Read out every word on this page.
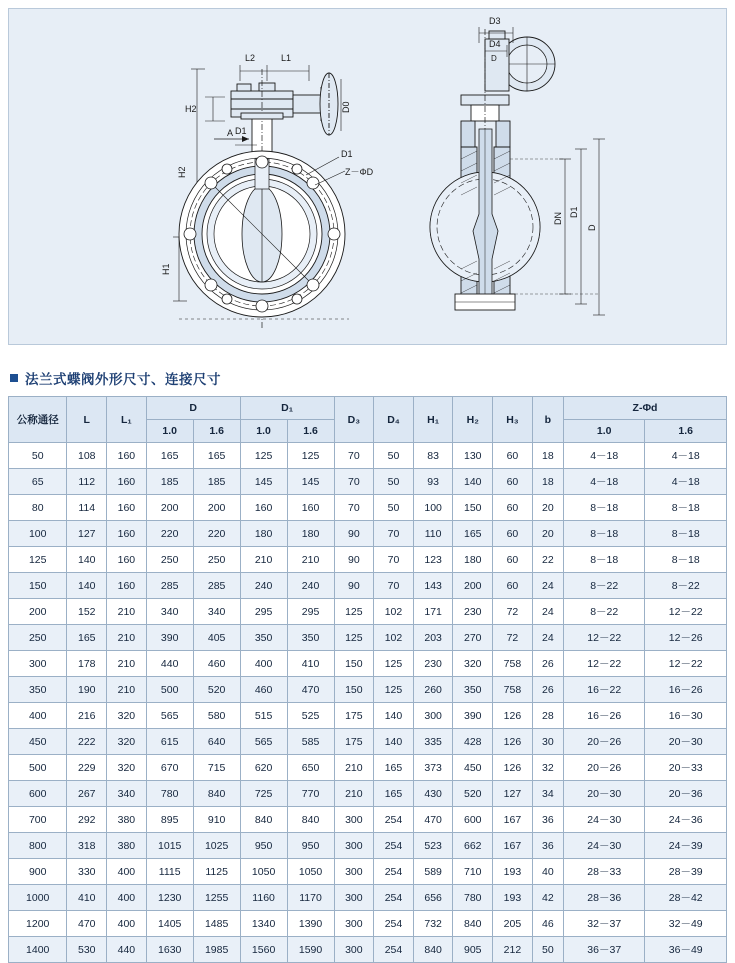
L2	L1
H2
A
H2
H1
D1
Z－ΦD
D0
D1
D3
D4
D
DN D1
D
法兰式蝶阀外形尺寸、连接尺寸
公称通径	L	L₁	D		D₁		D₃	D₄	H₁	H₂	H₃	b	Z-Φd	
			1.0	1.6	1.0	1.6							1.0	1.6
50	108	160	165	165	125	125	70	50	83	130	60	18	4－18	4－18
65	112	160	185	185	145	145	70	50	93	140	60	18	4－18	4－18
80	114	160	200	200	160	160	70	50	100	150	60	20	8－18	8－18
100	127	160	220	220	180	180	90	70	110	165	60	20	8－18	8－18
125	140	160	250	250	210	210	90	70	123	180	60	22	8－18	8－18
150	140	160	285	285	240	240	90	70	143	200	60	24	8－22	8－22
200	152	210	340	340	295	295	125	102	171	230	72	24	8－22	12－22
250	165	210	390	405	350	350	125	102	203	270	72	24	12－22	12－26
300	178	210	440	460	400	410	150	125	230	320	758	26	12－22	12－22
350	190	210	500	520	460	470	150	125	260	350	758	26	16－22	16－26
400	216	320	565	580	515	525	175	140	300	390	126	28	16－26	16－30
450	222	320	615	640	565	585	175	140	335	428	126	30	20－26	20－30
500	229	320	670	715	620	650	210	165	373	450	126	32	20－26	20－33
600	267	340	780	840	725	770	210	165	430	520	127	34	20－30	20－36
700	292	380	895	910	840	840	300	254	470	600	167	36	24－30	24－36
800	318	380	1015	1025	950	950	300	254	523	662	167	36	24－30	24－39
900	330	400	1115	1125	1050	1050	300	254	589	710	193	40	28－33	28－39
1000	410	400	1230	1255	1160	1170	300	254	656	780	193	42	28－36	28－42
1200	470	400	1405	1485	1340	1390	300	254	732	840	205	46	32－37	32－49
1400	530	440	1630	1985	1560	1590	300	254	840	905	212	50	36－37	36－49
